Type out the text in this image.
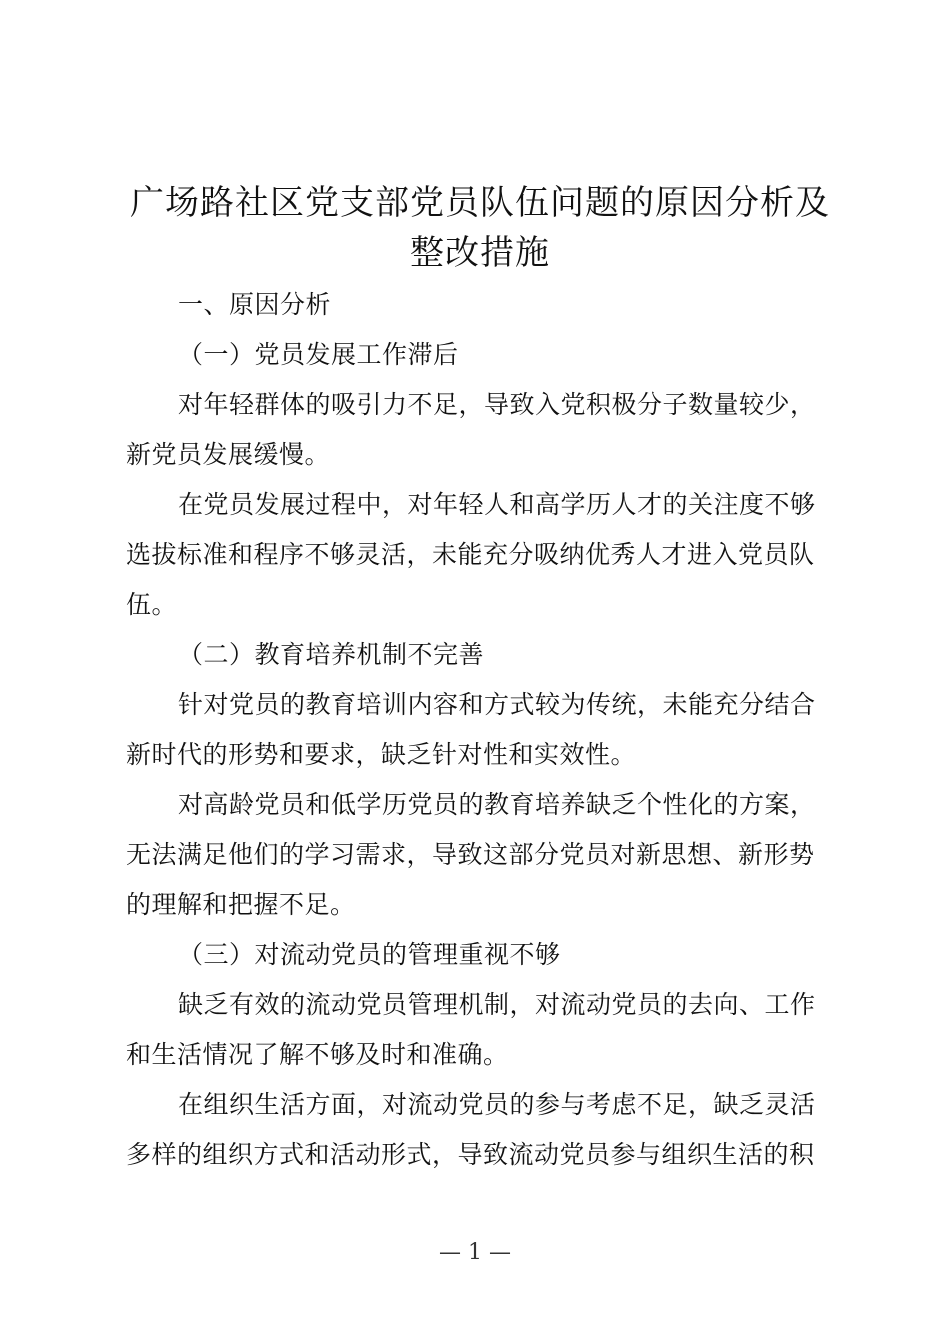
广场路社区党支部党员队伍问题的原因分析及
整改措施
一、原因分析
（一）党员发展工作滞后
对年轻群体的吸引力不足，导致入党积极分子数量较少，
新党员发展缓慢。
在党员发展过程中，对年轻人和高学历人才的关注度不够
选拔标准和程序不够灵活，未能充分吸纳优秀人才进入党员队
伍。
（二）教育培养机制不完善
针对党员的教育培训内容和方式较为传统，未能充分结合
新时代的形势和要求，缺乏针对性和实效性。
对高龄党员和低学历党员的教育培养缺乏个性化的方案，
无法满足他们的学习需求，导致这部分党员对新思想、新形势
的理解和把握不足。
（三）对流动党员的管理重视不够
缺乏有效的流动党员管理机制，对流动党员的去向、工作
和生活情况了解不够及时和准确。
在组织生活方面，对流动党员的参与考虑不足，缺乏灵活
多样的组织方式和活动形式，导致流动党员参与组织生活的积
— 1 —
